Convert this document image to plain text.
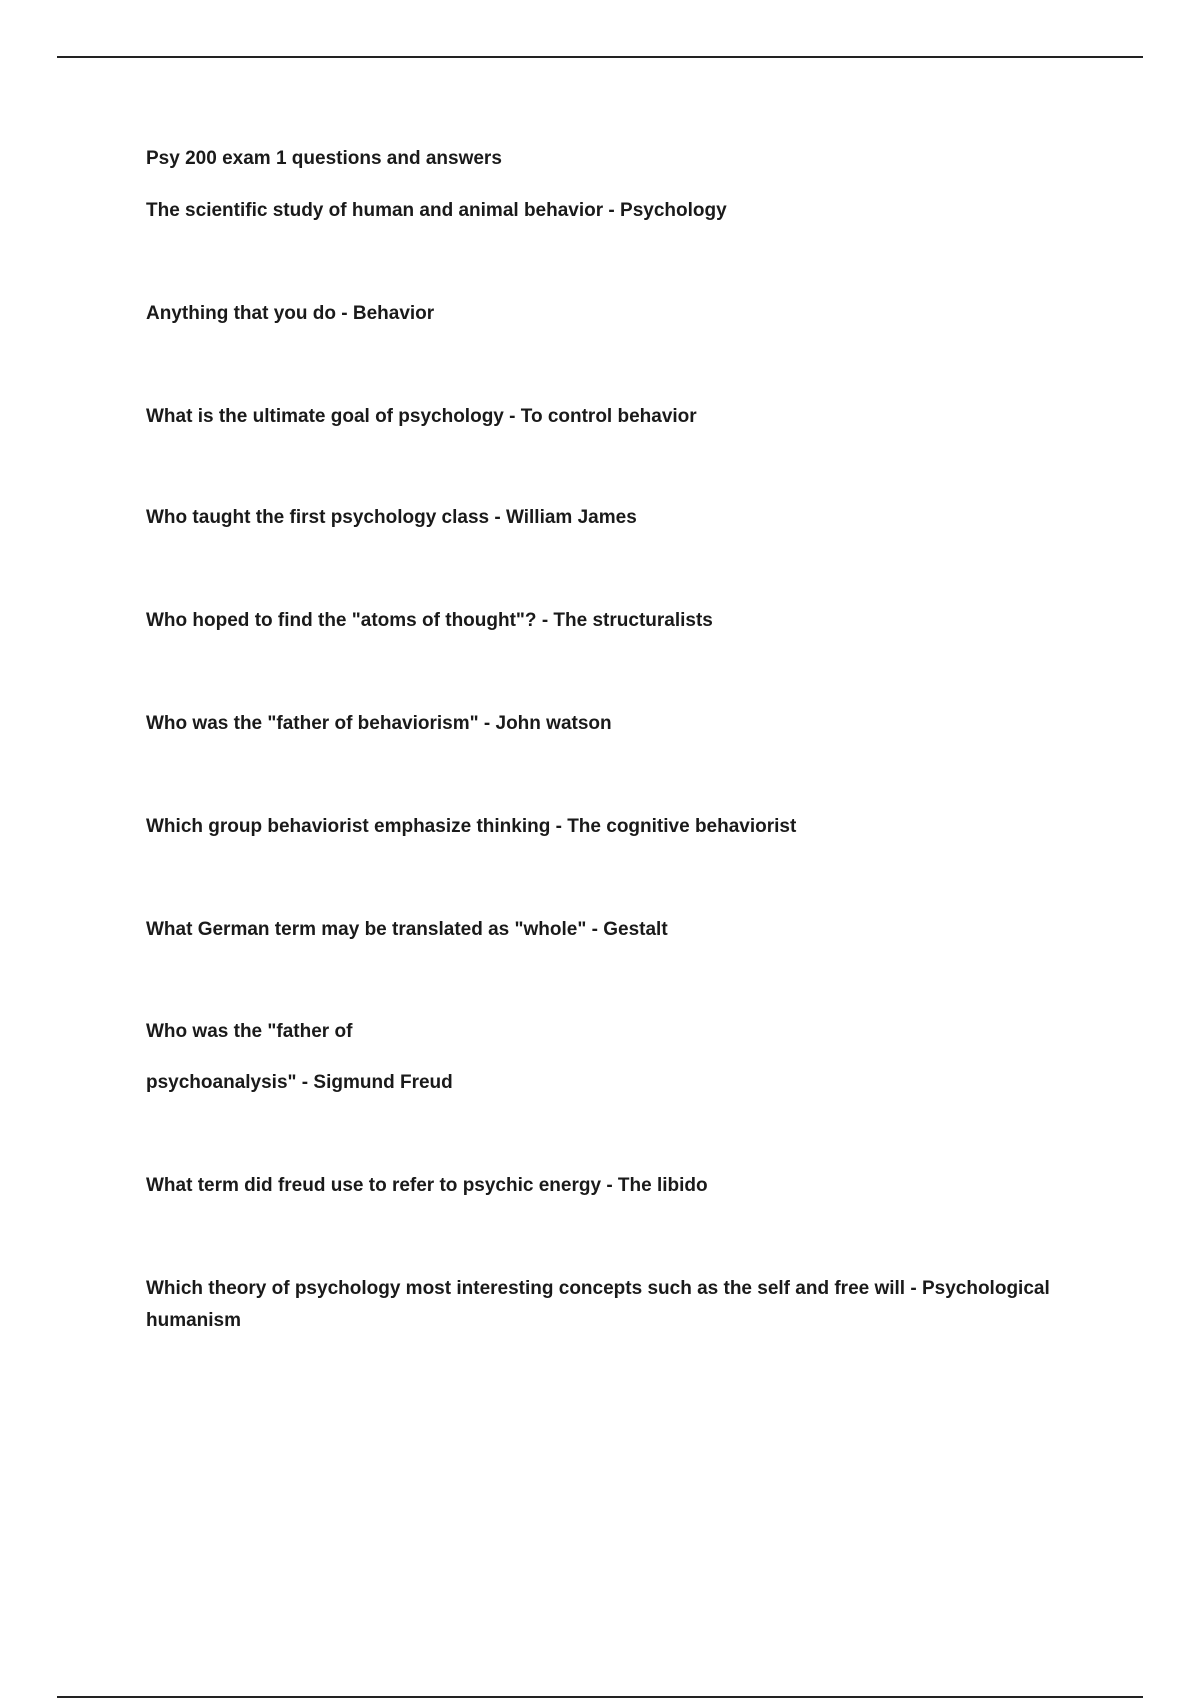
Psy 200 exam 1 questions and answers

The scientific study of human and animal behavior - Psychology

Anything that you do - Behavior

What is the ultimate goal of psychology - To control behavior

Who taught the first psychology class - William James

Who hoped to find the "atoms of thought"? - The structuralists

Who was the "father of behaviorism" - John watson

Which group behaviorist emphasize thinking - The cognitive behaviorist

What German term may be translated as "whole" - Gestalt

Who was the "father of

psychoanalysis" - Sigmund Freud

What term did freud use to refer to psychic energy - The libido

Which theory of psychology most interesting concepts such as the self and free will - Psychological humanism
